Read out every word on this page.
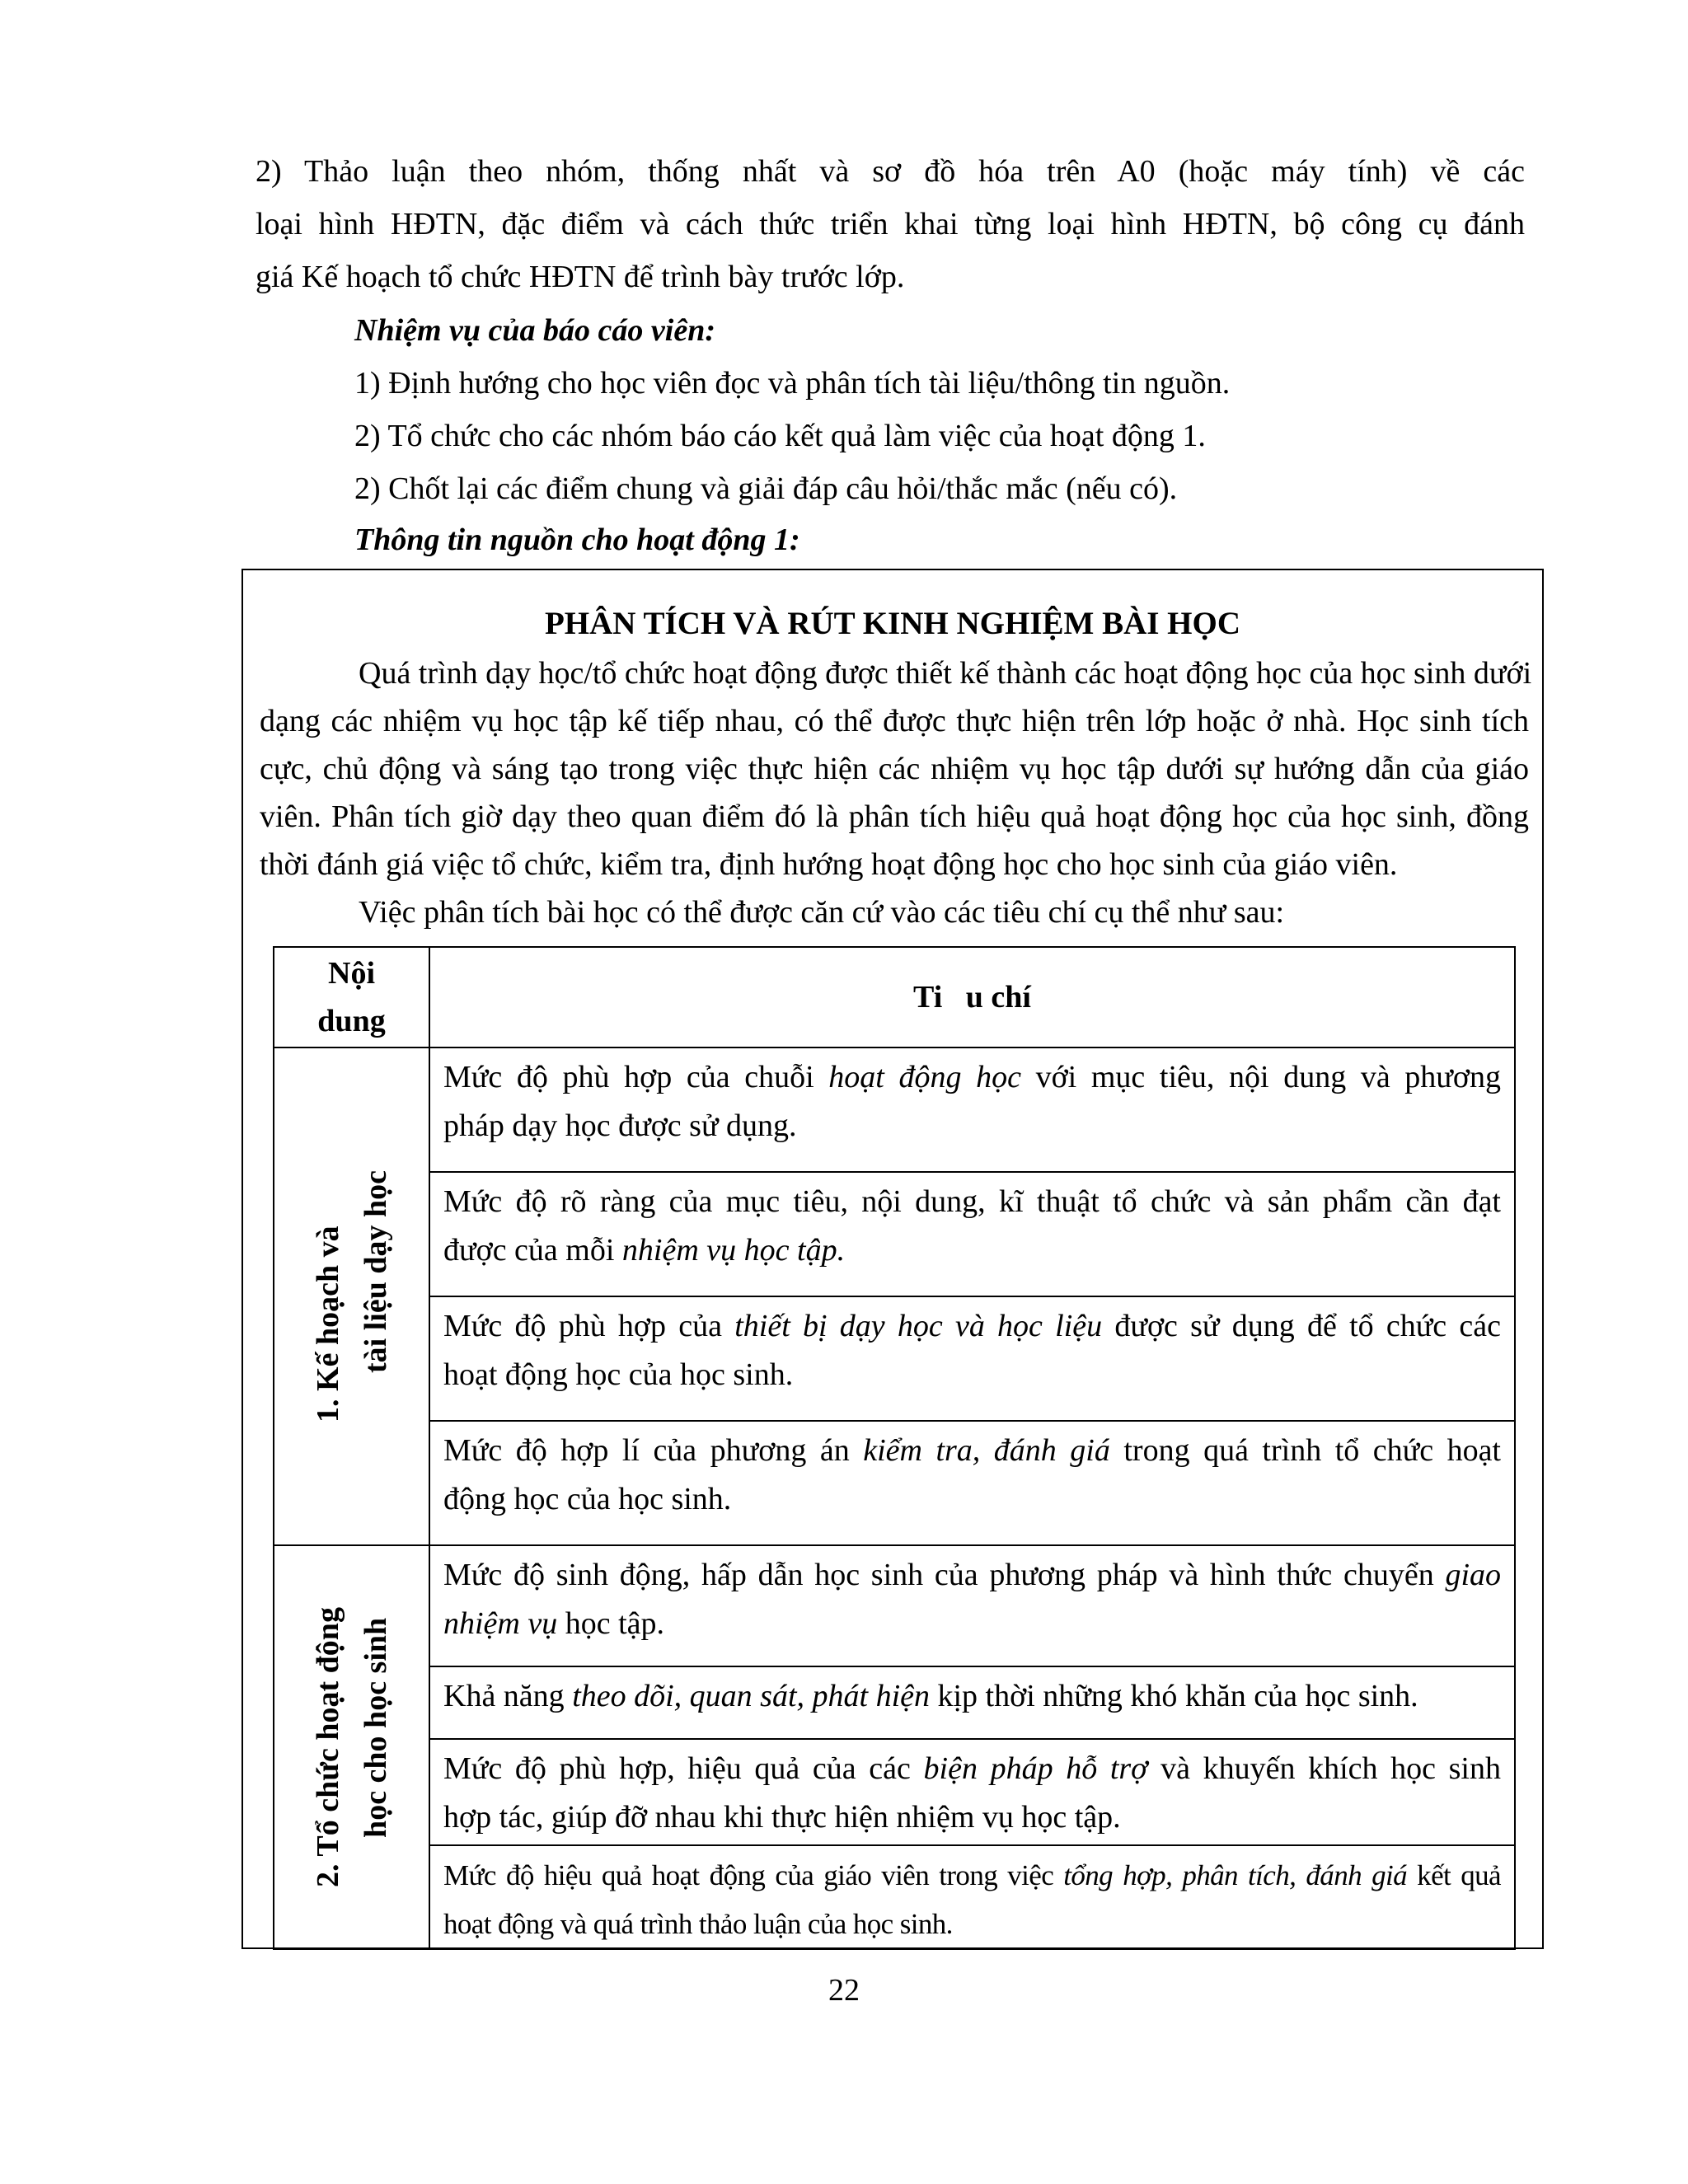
2) Thảo luận theo nhóm, thống nhất và sơ đồ hóa trên A0 (hoặc máy tính) về các
loại hình HĐTN, đặc điểm và cách thức triển khai từng loại hình HĐTN, bộ công cụ đánh
giá Kế hoạch tổ chức HĐTN để trình bày trước lớp.
Nhiệm vụ của báo cáo viên:
1) Định hướng cho học viên đọc và phân tích tài liệu/thông tin nguồn.
2) Tổ chức cho các nhóm báo cáo kết quả làm việc của hoạt động 1.
2) Chốt lại các điểm chung và giải đáp câu hỏi/thắc mắc (nếu có).
Thông tin nguồn cho hoạt động 1:
PHÂN TÍCH VÀ RÚT KINH NGHIỆM BÀI HỌC
Quá trình dạy học/tổ chức hoạt động được thiết kế thành các hoạt động học của học sinh dưới
dạng các nhiệm vụ học tập kế tiếp nhau, có thể được thực hiện trên lớp hoặc ở nhà. Học sinh tích
cực, chủ động và sáng tạo trong việc thực hiện các nhiệm vụ học tập dưới sự hướng dẫn của giáo
viên. Phân tích giờ dạy theo quan điểm đó là phân tích hiệu quả hoạt động học của học sinh, đồng
thời đánh giá việc tổ chức, kiểm tra, định hướng hoạt động học cho học sinh của giáo viên.
Việc phân tích bài học có thể được căn cứ vào các tiêu chí cụ thể như sau:
Nội
dung	Ti   u chí

1. Kế hoạch và tài liệu dạy học	Mức độ phù hợp của chuỗi hoạt động học với mục tiêu, nội dung và phương
pháp dạy học được sử dụng.

	Mức độ rõ ràng của mục tiêu, nội dung, kĩ thuật tổ chức và sản phẩm cần đạt
được của mỗi nhiệm vụ học tập.

	Mức độ phù hợp của thiết bị dạy học và học liệu được sử dụng để tổ chức các
hoạt động học của học sinh.

	Mức độ hợp lí của phương án kiểm tra, đánh giá trong quá trình tổ chức hoạt
động học của học sinh.

2. Tổ chức hoạt động học cho học sinh	Mức độ sinh động, hấp dẫn học sinh của phương pháp và hình thức chuyển giao
nhiệm vụ học tập.

	Khả năng theo dõi, quan sát, phát hiện kịp thời những khó khăn của học sinh.

	Mức độ phù hợp, hiệu quả của các biện pháp hỗ trợ và khuyến khích học sinh
hợp tác, giúp đỡ nhau khi thực hiện nhiệm vụ học tập.

	Mức độ hiệu quả hoạt động của giáo viên trong việc tổng hợp, phân tích, đánh giá kết quả
hoạt động và quá trình thảo luận của học sinh.
22
